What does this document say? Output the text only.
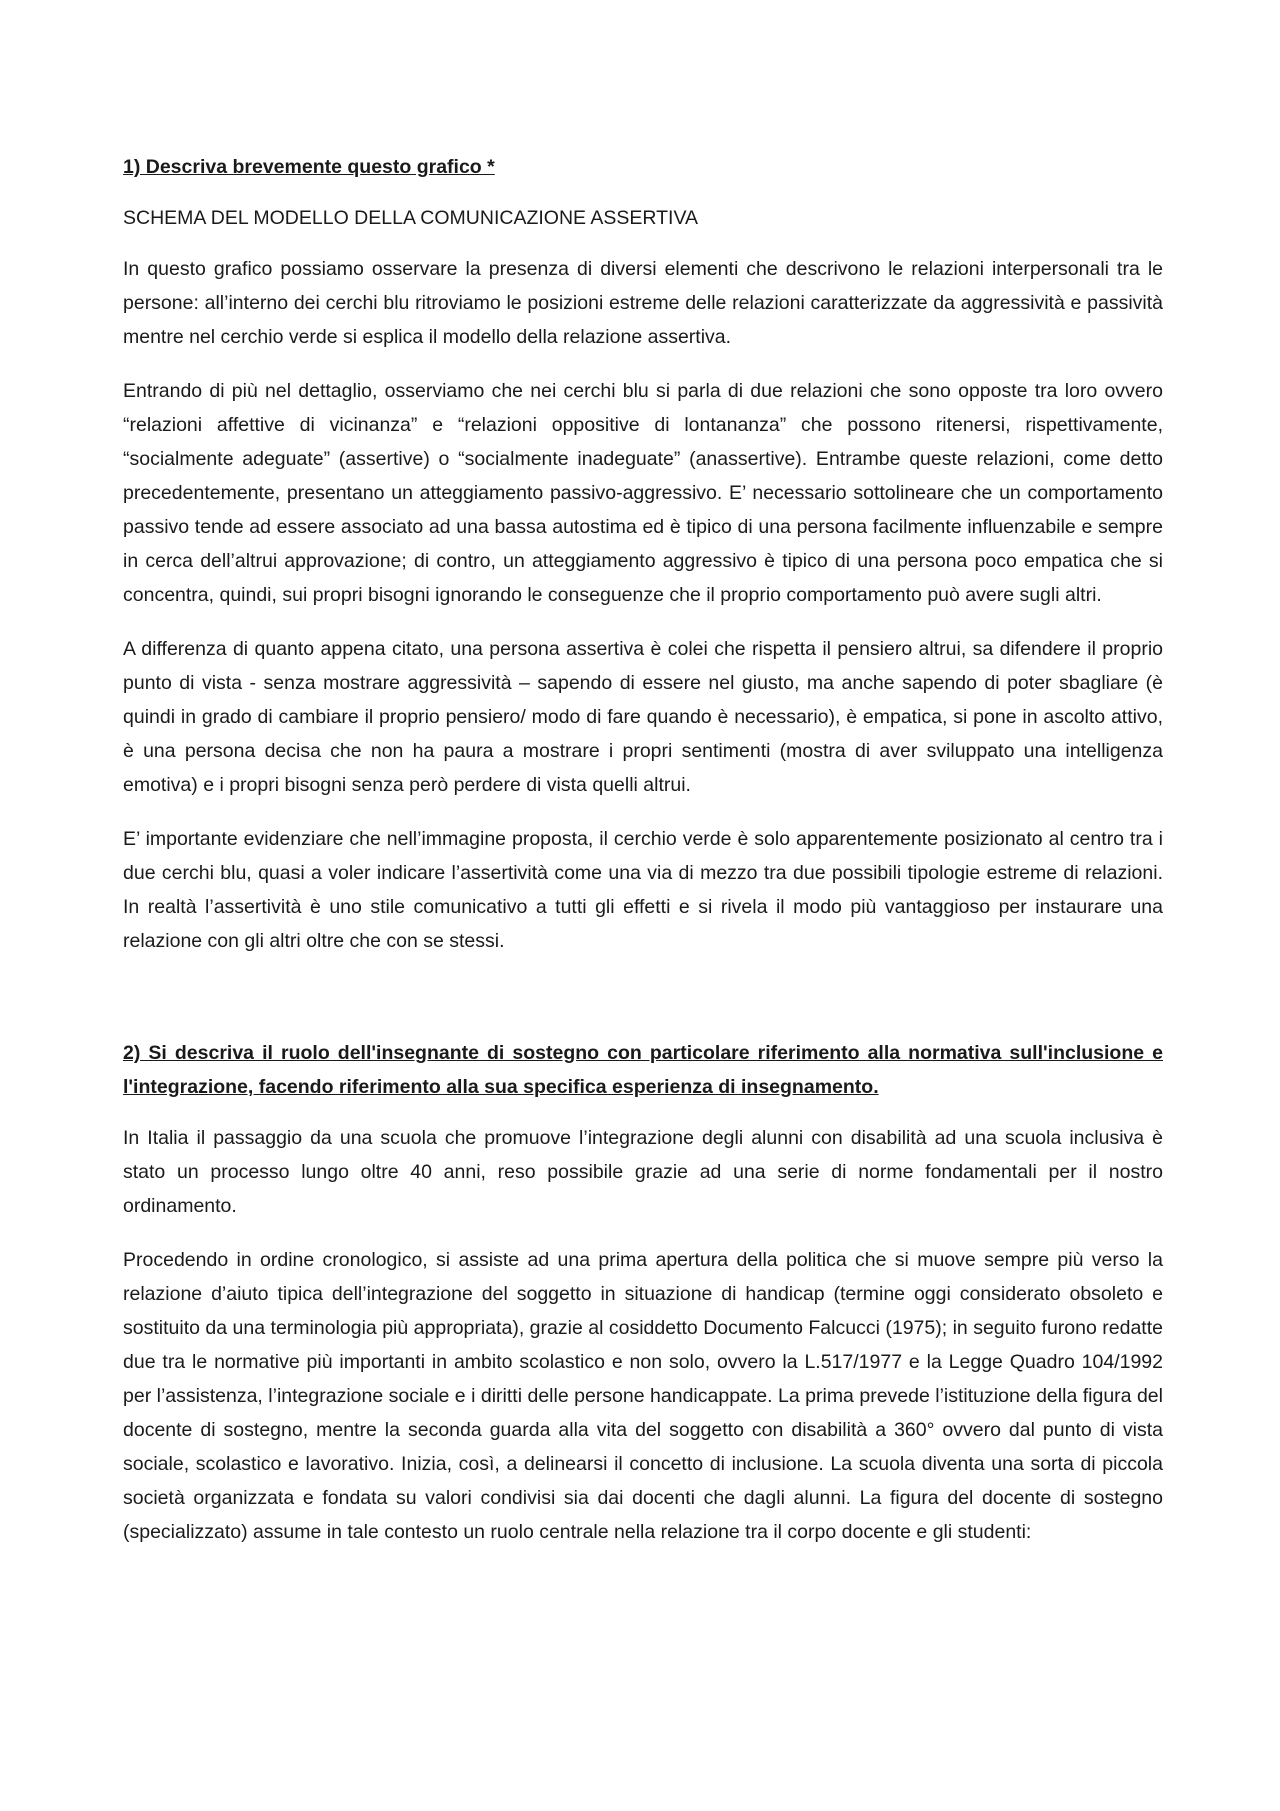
1) Descriva brevemente questo grafico *
SCHEMA DEL MODELLO DELLA COMUNICAZIONE ASSERTIVA

In questo grafico possiamo osservare la presenza di diversi elementi che descrivono le relazioni interpersonali tra le persone: all’interno dei cerchi blu ritroviamo le posizioni estreme delle relazioni caratterizzate da aggressività e passività mentre nel cerchio verde si esplica il modello della relazione assertiva.

Entrando di più nel dettaglio, osserviamo che nei cerchi blu si parla di due relazioni che sono opposte tra loro ovvero “relazioni affettive di vicinanza” e “relazioni oppositive di lontananza” che possono ritenersi, rispettivamente, “socialmente adeguate” (assertive) o “socialmente inadeguate” (anassertive). Entrambe queste relazioni, come detto precedentemente, presentano un atteggiamento passivo-aggressivo. E’ necessario sottolineare che un comportamento passivo tende ad essere associato ad una bassa autostima ed è tipico di una persona facilmente influenzabile e sempre in cerca dell’altrui approvazione; di contro, un atteggiamento aggressivo è tipico di una persona poco empatica che si concentra, quindi, sui propri bisogni ignorando le conseguenze che il proprio comportamento può avere sugli altri.

A differenza di quanto appena citato, una persona assertiva è colei che rispetta il pensiero altrui, sa difendere il proprio punto di vista - senza mostrare aggressività – sapendo di essere nel giusto, ma anche sapendo di poter sbagliare (è quindi in grado di cambiare il proprio pensiero/ modo di fare quando è necessario), è empatica, si pone in ascolto attivo, è una persona decisa che non ha paura a mostrare i propri sentimenti (mostra di aver sviluppato una intelligenza emotiva) e i propri bisogni senza però perdere di vista quelli altrui.

E’ importante evidenziare che nell’immagine proposta, il cerchio verde è solo apparentemente posizionato al centro tra i due cerchi blu, quasi a voler indicare l’assertività come una via di mezzo tra due possibili tipologie estreme di relazioni. In realtà l’assertività è uno stile comunicativo a tutti gli effetti e si rivela il modo più vantaggioso per instaurare una relazione con gli altri oltre che con se stessi.

2) Si descriva il ruolo dell'insegnante di sostegno con particolare riferimento alla normativa sull'inclusione e l'integrazione, facendo riferimento alla sua specifica esperienza di insegnamento.

In Italia il passaggio da una scuola che promuove l’integrazione degli alunni con disabilità ad una scuola inclusiva è stato un processo lungo oltre 40 anni, reso possibile grazie ad una serie di norme fondamentali per il nostro ordinamento.

Procedendo in ordine cronologico, si assiste ad una prima apertura della politica che si muove sempre più verso la relazione d’aiuto tipica dell’integrazione del soggetto in situazione di handicap (termine oggi considerato obsoleto e sostituito da una terminologia più appropriata), grazie al cosiddetto Documento Falcucci (1975); in seguito furono redatte due tra le normative più importanti in ambito scolastico e non solo, ovvero la L.517/1977 e la Legge Quadro 104/1992 per l’assistenza, l’integrazione sociale e i diritti delle persone handicappate. La prima prevede l’istituzione della figura del docente di sostegno, mentre la seconda guarda alla vita del soggetto con disabilità a 360° ovvero dal punto di vista sociale, scolastico e lavorativo. Inizia, così, a delinearsi il concetto di inclusione. La scuola diventa una sorta di piccola società organizzata e fondata su valori condivisi sia dai docenti che dagli alunni. La figura del docente di sostegno (specializzato) assume in tale contesto un ruolo centrale nella relazione tra il corpo docente e gli studenti:
